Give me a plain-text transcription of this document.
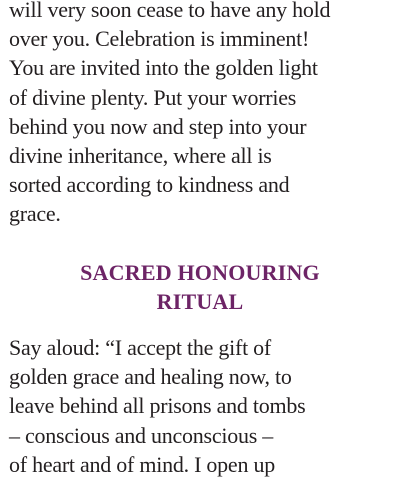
will very soon cease to have any hold
over you. Celebration is imminent!
You are invited into the golden light
of divine plenty. Put your worries
behind you now and step into your
divine inheritance, where all is
sorted according to kindness and
grace.

SACRED HONOURING
RITUAL

Say aloud: “I accept the gift of
golden grace and healing now, to
leave behind all prisons and tombs
– conscious and unconscious –
of heart and of mind. I open up
